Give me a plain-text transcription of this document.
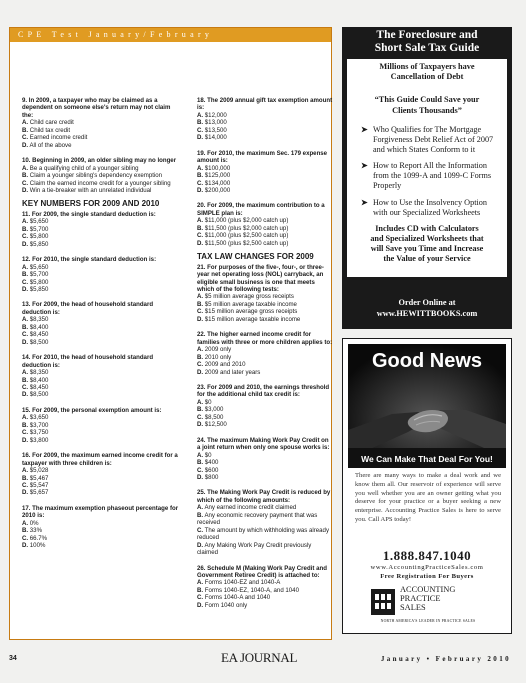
CPE Test January/February
9. In 2009, a taxpayer who may be claimed as a dependent on someone else's return may not claim the:
A. Child care credit
B. Child tax credit
C. Earned income credit
D. All of the above
10. Beginning in 2009, an older sibling may no longer
A. Be a qualifying child of a younger sibling
B. Claim a younger sibling's dependency exemption
C. Claim the earned income credit for a younger sibling
D. Win a tie-breaker with an unrelated individual
KEY NUMBERS FOR 2009 AND 2010
11. For 2009, the single standard deduction is:
A. $5,650
B. $5,700
C. $5,800
D. $5,850
12. For 2010, the single standard deduction is:
A. $5,650
B. $5,700
C. $5,800
D. $5,850
13. For 2009, the head of household standard deduction is:
A. $8,350
B. $8,400
C. $8,450
D. $8,500
14. For 2010, the head of household standard deduction is:
A. $8,350
B. $8,400
C. $8,450
D. $8,500
15. For 2009, the personal exemption amount is:
A. $3,650
B. $3,700
C. $3,750
D. $3,800
16. For 2009, the maximum earned income credit for a taxpayer with three children is:
A. $5,028
B. $5,467
C. $5,547
D. $5,657
17. The maximum exemption phaseout percentage for 2010 is:
A. 0%
B. 33%
C. 66.7%
D. 100%
18. The 2009 annual gift tax exemption amount is:
A. $12,000
B. $13,000
C. $13,500
D. $14,000
19. For 2010, the maximum Sec. 179 expense amount is:
A. $100,000
B. $125,000
C. $134,000
D. $200,000
20. For 2009, the maximum contribution to a SIMPLE plan is:
A. $11,000 (plus $2,000 catch up)
B. $11,500 (plus $2,000 catch up)
C. $11,000 (plus $2,500 catch up)
D. $11,500 (plus $2,500 catch up)
TAX LAW CHANGES FOR 2009
21. For purposes of the five-, four-, or three-year net operating loss (NOL) carryback, an eligible small business is one that meets which of the following tests:
A. $5 million average gross receipts
B. $5 million average taxable income
C. $15 million average gross receipts
D. $15 million average taxable income
22. The higher earned income credit for families with three or more children applies to:
A. 2009 only
B. 2010 only
C. 2009 and 2010
D. 2009 and later years
23. For 2009 and 2010, the earnings threshold for the additional child tax credit is:
A. $0
B. $3,000
C. $8,500
D. $12,500
24. The maximum Making Work Pay Credit on a joint return when only one spouse works is:
A. $0
B. $400
C. $600
D. $800
25. The Making Work Pay Credit is reduced by which of the following amounts:
A. Any earned income credit claimed
B. Any economic recovery payment that was received
C. The amount by which withholding was already reduced
D. Any Making Work Pay Credit previously claimed
26. Schedule M (Making Work Pay Credit and Government Retiree Credit) is attached to:
A. Forms 1040-EZ and 1040-A
B. Forms 1040-EZ, 1040-A, and 1040
C. Forms 1040-A and 1040
D. Form 1040 only
The Foreclosure and
Short Sale Tax Guide
Millions of Taxpayers have
Cancellation of Debt
“This Guide Could Save your
Clients Thousands”
➤ Who Qualifies for The Mortgage Forgiveness Debt Relief Act of 2007 and which States Conform to it
➤ How to Report All the Information from the 1099-A and 1099-C Forms Properly
➤ How to Use the Insolvency Option with our Specialized Worksheets
Includes CD with Calculators
and Specialized Worksheets that
will Save you Time and Increase
the Value of your Service
Order Online at
www.HEWITTBOOKS.com
Good News
We Can Make That Deal For You!
There are many ways to make a deal work and we know them all. Our reservoir of experience will serve you well whether you are an owner getting what you deserve for your practice or a buyer seeking a new enterprise. Accounting Practice Sales is here to serve you. Call APS today!
1.888.847.1040
www.AccountingPracticeSales.com
Free Registration For Buyers
ACCOUNTING
PRACTICE
SALES
NORTH AMERICA'S LEADER IN PRACTICE SALES
34	EA JOURNAL	January • February 2010
